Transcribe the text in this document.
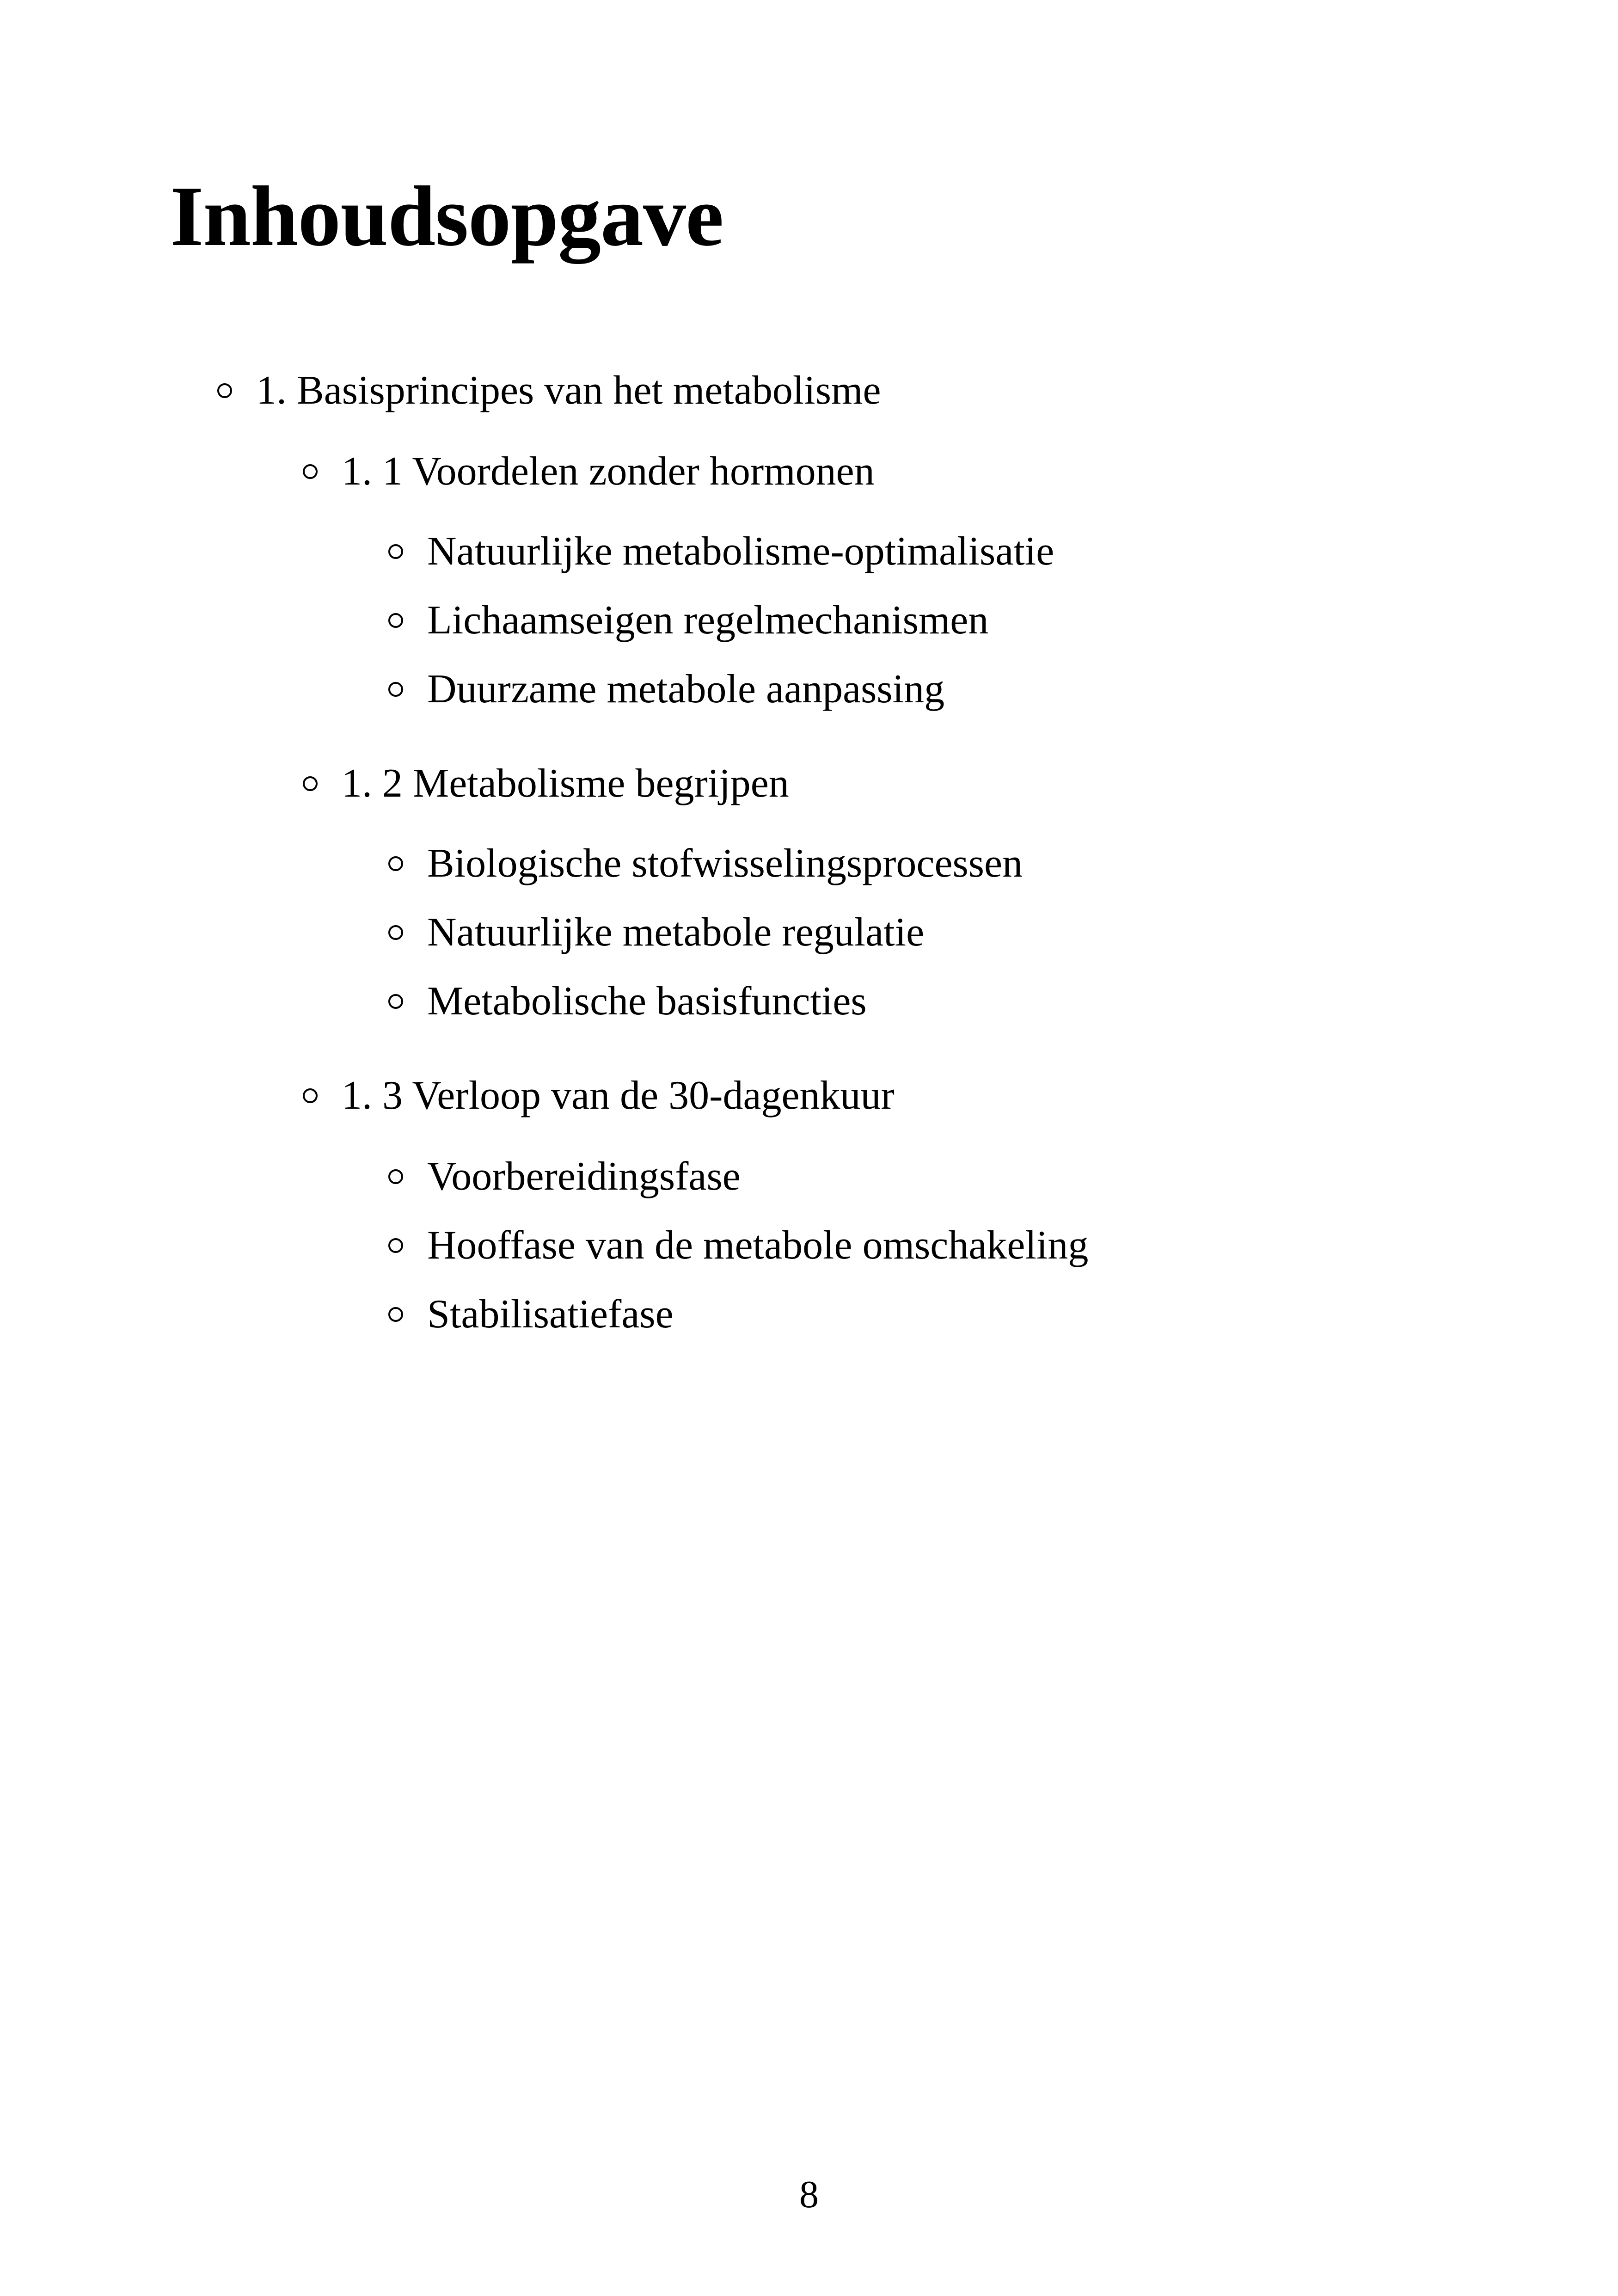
Inhoudsopgave
1. Basisprincipes van het metabolisme
1. 1 Voordelen zonder hormonen
Natuurlijke metabolisme-optimalisatie
Lichaamseigen regelmechanismen
Duurzame metabole aanpassing
1. 2 Metabolisme begrijpen
Biologische stofwisselingsprocessen
Natuurlijke metabole regulatie
Metabolische basisfuncties
1. 3 Verloop van de 30-dagenkuur
Voorbereidingsfase
Hooffase van de metabole omschakeling
Stabilisatiefase
8
